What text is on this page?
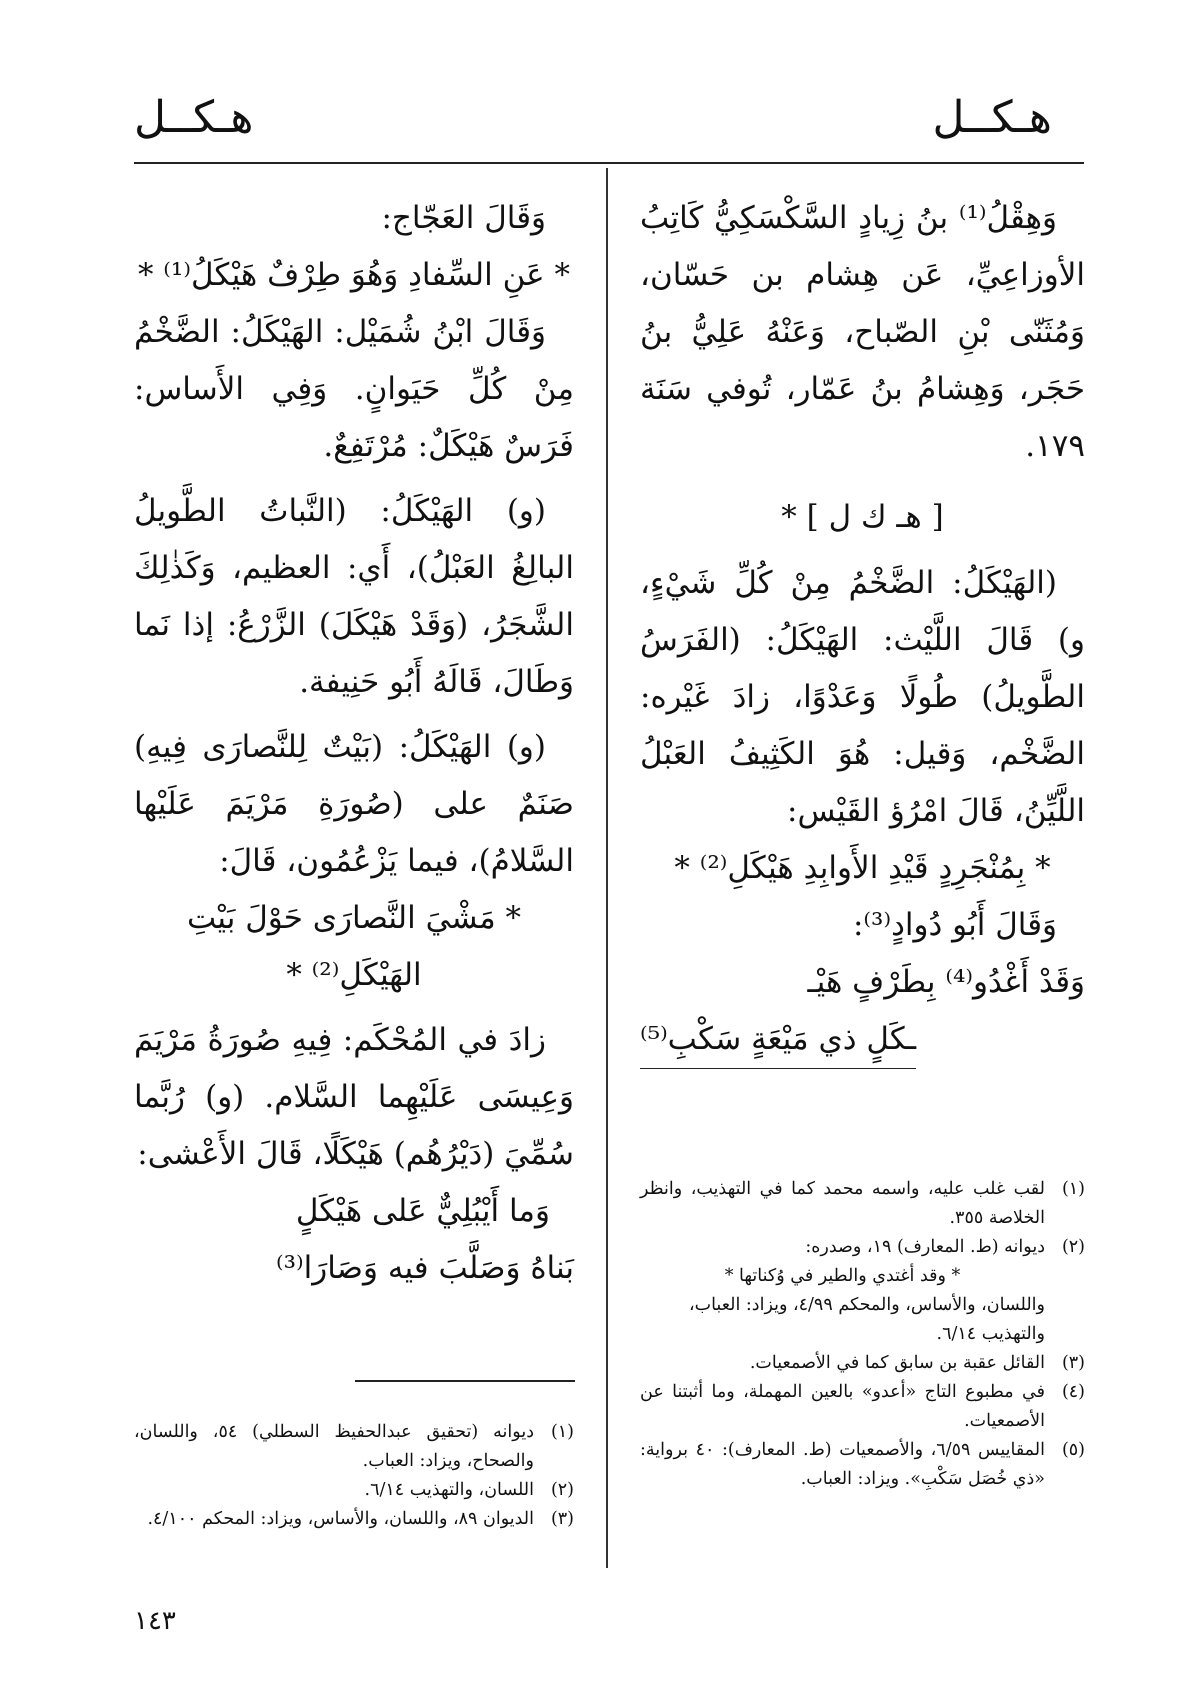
هـكــل
هـكــل

وَهِقْلُ⁽¹⁾ بنُ زِيادٍ السَّكْسَكِيُّ كَاتِبُ الأوزاعِيِّ، عَن هِشام بن حَسّان، وَمُثَنّى بْنِ الصّباح، وَعَنْهُ عَلِيُّ بنُ حَجَر، وَهِشامُ بنُ عَمّار، تُوفي سَنَة ١٧٩.

[ هـ ك ل ] *

(الهَيْكَلُ: الضَّخْمُ مِنْ كُلِّ شَيْءٍ، و) قَالَ اللَّيْث: الهَيْكَلُ: (الفَرَسُ الطَّويلُ) طُولًا وَعَدْوًا، زادَ غَيْره: الضَّخْم، وَقيل: هُوَ الكَثِيفُ العَبْلُ اللَّيِّنُ، قَالَ امْرُؤ القَيْس:

* بِمُنْجَرِدٍ قَيْدِ الأَوابِدِ هَيْكَلِ⁽²⁾ *

وَقَالَ أَبُو دُوادٍ⁽³⁾:

وَقَدْ أَغْدُو⁽⁴⁾ بِطَرْفٍ هَيْـ

ـكَلٍ ذي مَيْعَةٍ سَكْبِ⁽⁵⁾

وَقَالَ العَجّاج:

* عَنِ السِّفادِ وَهُوَ طِرْفٌ هَيْكَلُ⁽¹⁾ *

وَقَالَ ابْنُ شُمَيْل: الهَيْكَلُ: الضَّخْمُ مِنْ كُلِّ حَيَوانٍ. وَفِي الأَساس: فَرَسٌ هَيْكَلٌ: مُرْتَفِعٌ.

(و) الهَيْكَلُ: (النَّباتُ الطَّويلُ البالِغُ العَبْلُ)، أَي: العظيم، وَكَذٰلِكَ الشَّجَرُ، (وَقَدْ هَيْكَلَ) الزَّرْعُ: إذا نَما وَطَالَ، قَالَهُ أَبُو حَنِيفة.

(و) الهَيْكَلُ: (بَيْتٌ لِلنَّصارَى فِيهِ) صَنَمٌ على (صُورَةِ مَرْيَمَ عَلَيْها السَّلامُ)، فيما يَزْعُمُون، قَالَ:

* مَشْيَ النَّصارَى حَوْلَ بَيْتِ الهَيْكَلِ⁽²⁾ *

زادَ في المُحْكَم: فِيهِ صُورَةُ مَرْيَمَ وَعِيسَى عَلَيْهِما السَّلام. (و) رُبَّما سُمِّيَ (دَيْرُهُم) هَيْكَلًا، قَالَ الأَعْشى:

وَما أَيْبُلِيٌّ عَلى هَيْكَلٍ

بَناهُ وَصَلَّبَ فيه وَصَارَا⁽³⁾

(١)
لقب غلب عليه، واسمه محمد كما في التهذيب، وانظر الخلاصة ٣٥٥.
(٢)
ديوانه (ط. المعارف) ١٩، وصدره:
* وقد أغتدي والطير في وُكناتها *
واللسان، والأساس، والمحكم ٤/٩٩، ويزاد: العباب، والتهذيب ٦/١٤.
(٣)
القائل عقبة بن سابق كما في الأصمعيات.
(٤)
في مطبوع التاج «أعدو» بالعين المهملة، وما أثبتنا عن الأصمعيات.
(٥)
المقاييس ٦/٥٩، والأصمعيات (ط. المعارف): ٤٠ برواية: «ذي خُصَل سَكْبِ». ويزاد: العباب.
(١)
ديوانه (تحقيق عبدالحفيظ السطلي) ٥٤، واللسان، والصحاح، ويزاد: العباب.
(٢)
اللسان، والتهذيب ٦/١٤.
(٣)
الديوان ٨٩، واللسان، والأساس، ويزاد: المحكم ٤/١٠٠.
١٤٣
